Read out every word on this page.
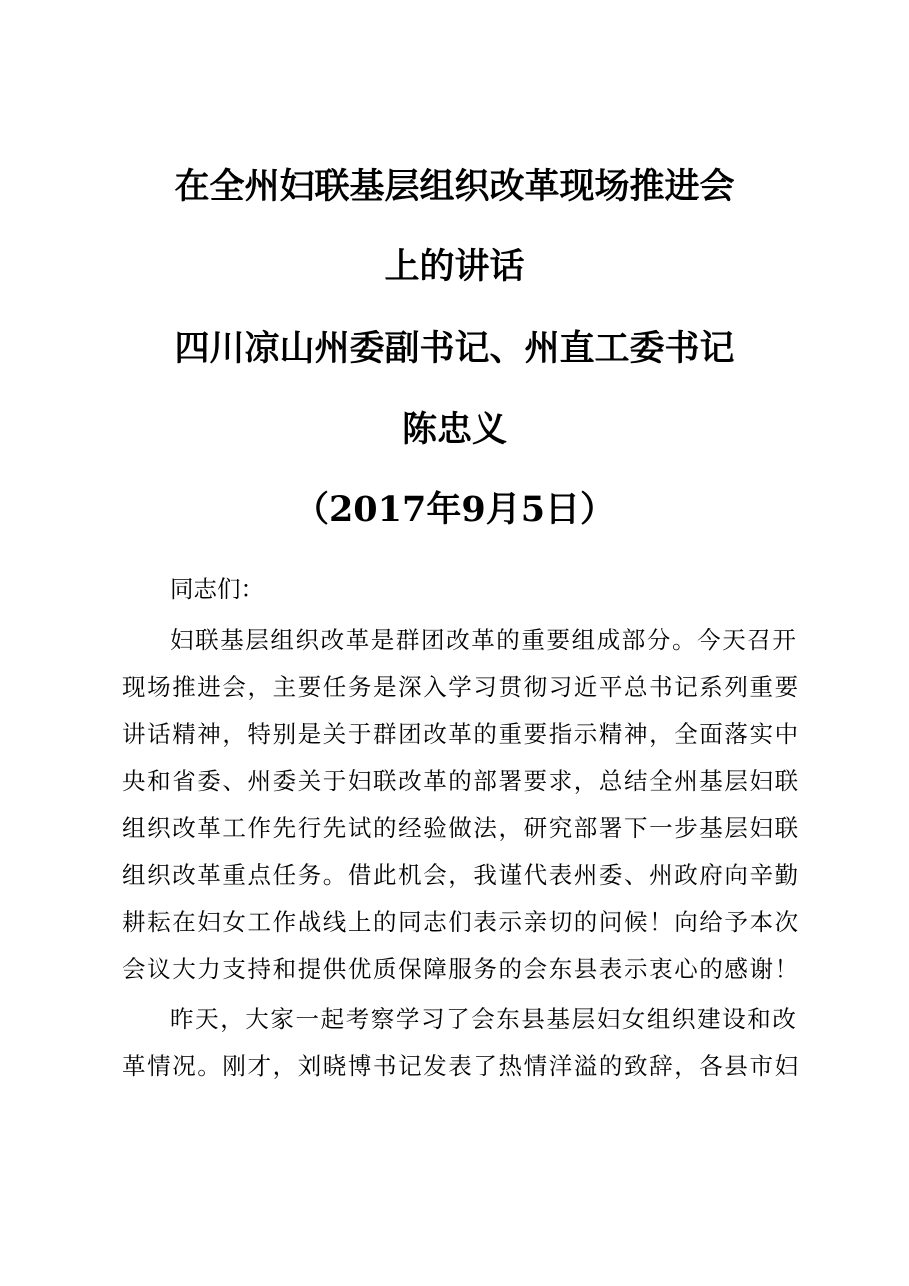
在全州妇联基层组织改革现场推进会
上的讲话
四川凉山州委副书记、州直工委书记
陈忠义
（2017年9月5日）
同志们：
妇联基层组织改革是群团改革的重要组成部分。今天召开
现场推进会，主要任务是深入学习贯彻习近平总书记系列重要
讲话精神，特别是关于群团改革的重要指示精神，全面落实中
央和省委、州委关于妇联改革的部署要求，总结全州基层妇联
组织改革工作先行先试的经验做法，研究部署下一步基层妇联
组织改革重点任务。借此机会，我谨代表州委、州政府向辛勤
耕耘在妇女工作战线上的同志们表示亲切的问候！向给予本次
会议大力支持和提供优质保障服务的会东县表示衷心的感谢！
昨天，大家一起考察学习了会东县基层妇女组织建设和改
革情况。刚才，刘晓博书记发表了热情洋溢的致辞，各县市妇
